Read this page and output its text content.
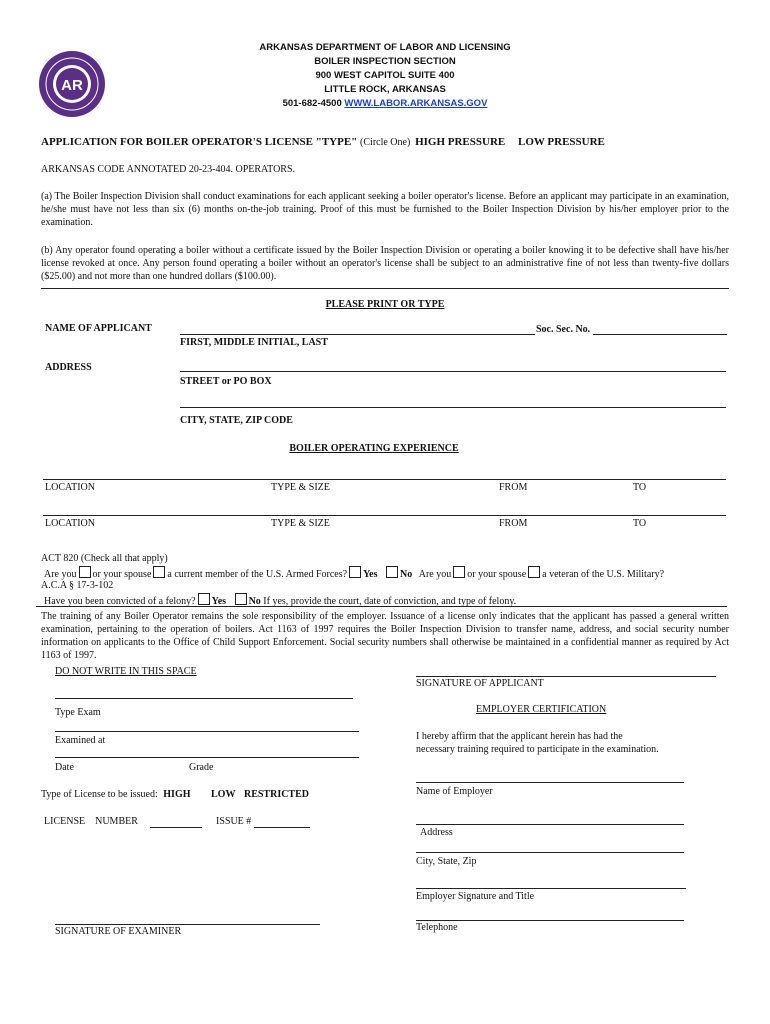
AR
ARKANSAS DEPARTMENT OF LABOR AND LICENSING
BOILER INSPECTION SECTION
900 WEST CAPITOL SUITE 400
LITTLE ROCK, ARKANSAS
501-682-4500 WWW.LABOR.ARKANSAS.GOV
APPLICATION FOR BOILER OPERATOR'S LICENSE "TYPE" (Circle One) HIGH PRESSURE LOW PRESSURE
ARKANSAS CODE ANNOTATED 20-23-404. OPERATORS.
(a) The Boiler Inspection Division shall conduct examinations for each applicant seeking a boiler operator's license. Before an applicant may participate in an examination, he/she must have not less than six (6) months on-the-job training. Proof of this must be furnished to the Boiler Inspection Division by his/her employer prior to the examination.
(b) Any operator found operating a boiler without a certificate issued by the Boiler Inspection Division or operating a boiler knowing it to be defective shall have his/her license revoked at once. Any person found operating a boiler without an operator's license shall be subject to an administrative fine of not less than twenty-five dollars ($25.00) and not more than one hundred dollars ($100.00).
PLEASE PRINT OR TYPE
NAME OF APPLICANT	Soc. Sec. No.
FIRST, MIDDLE INITIAL, LAST
ADDRESS
STREET or PO BOX
CITY, STATE, ZIP CODE
BOILER OPERATING EXPERIENCE
LOCATION	TYPE & SIZE	FROM	TO
LOCATION	TYPE & SIZE	FROM	TO
ACT 820 (Check all that apply)
Are you or your spouse a current member of the U.S. Armed Forces? Yes No Are you or your spouse a veteran of the U.S. Military?
A.C.A § 17-3-102
Have you been convicted of a felony? Yes No If yes, provide the court, date of conviction, and type of felony.
The training of any Boiler Operator remains the sole responsibility of the employer. Issuance of a license only indicates that the applicant has passed a general written examination, pertaining to the operation of boilers. Act 1163 of 1997 requires the Boiler Inspection Division to transfer name, address, and social security number information on applicants to the Office of Child Support Enforcement. Social security numbers shall otherwise be maintained in a confidential manner as required by Act 1163 of 1997.
DO NOT WRITE IN THIS SPACE
Type Exam
Examined at
Date	Grade
Type of License to be issued: HIGH LOW RESTRICTED
LICENSE    NUMBER	ISSUE #
SIGNATURE OF EXAMINER
SIGNATURE OF APPLICANT
EMPLOYER CERTIFICATION
I hereby affirm that the applicant herein has had the
necessary training required to participate in the examination.
Name of Employer
Address
City, State, Zip
Employer Signature and Title
Telephone
